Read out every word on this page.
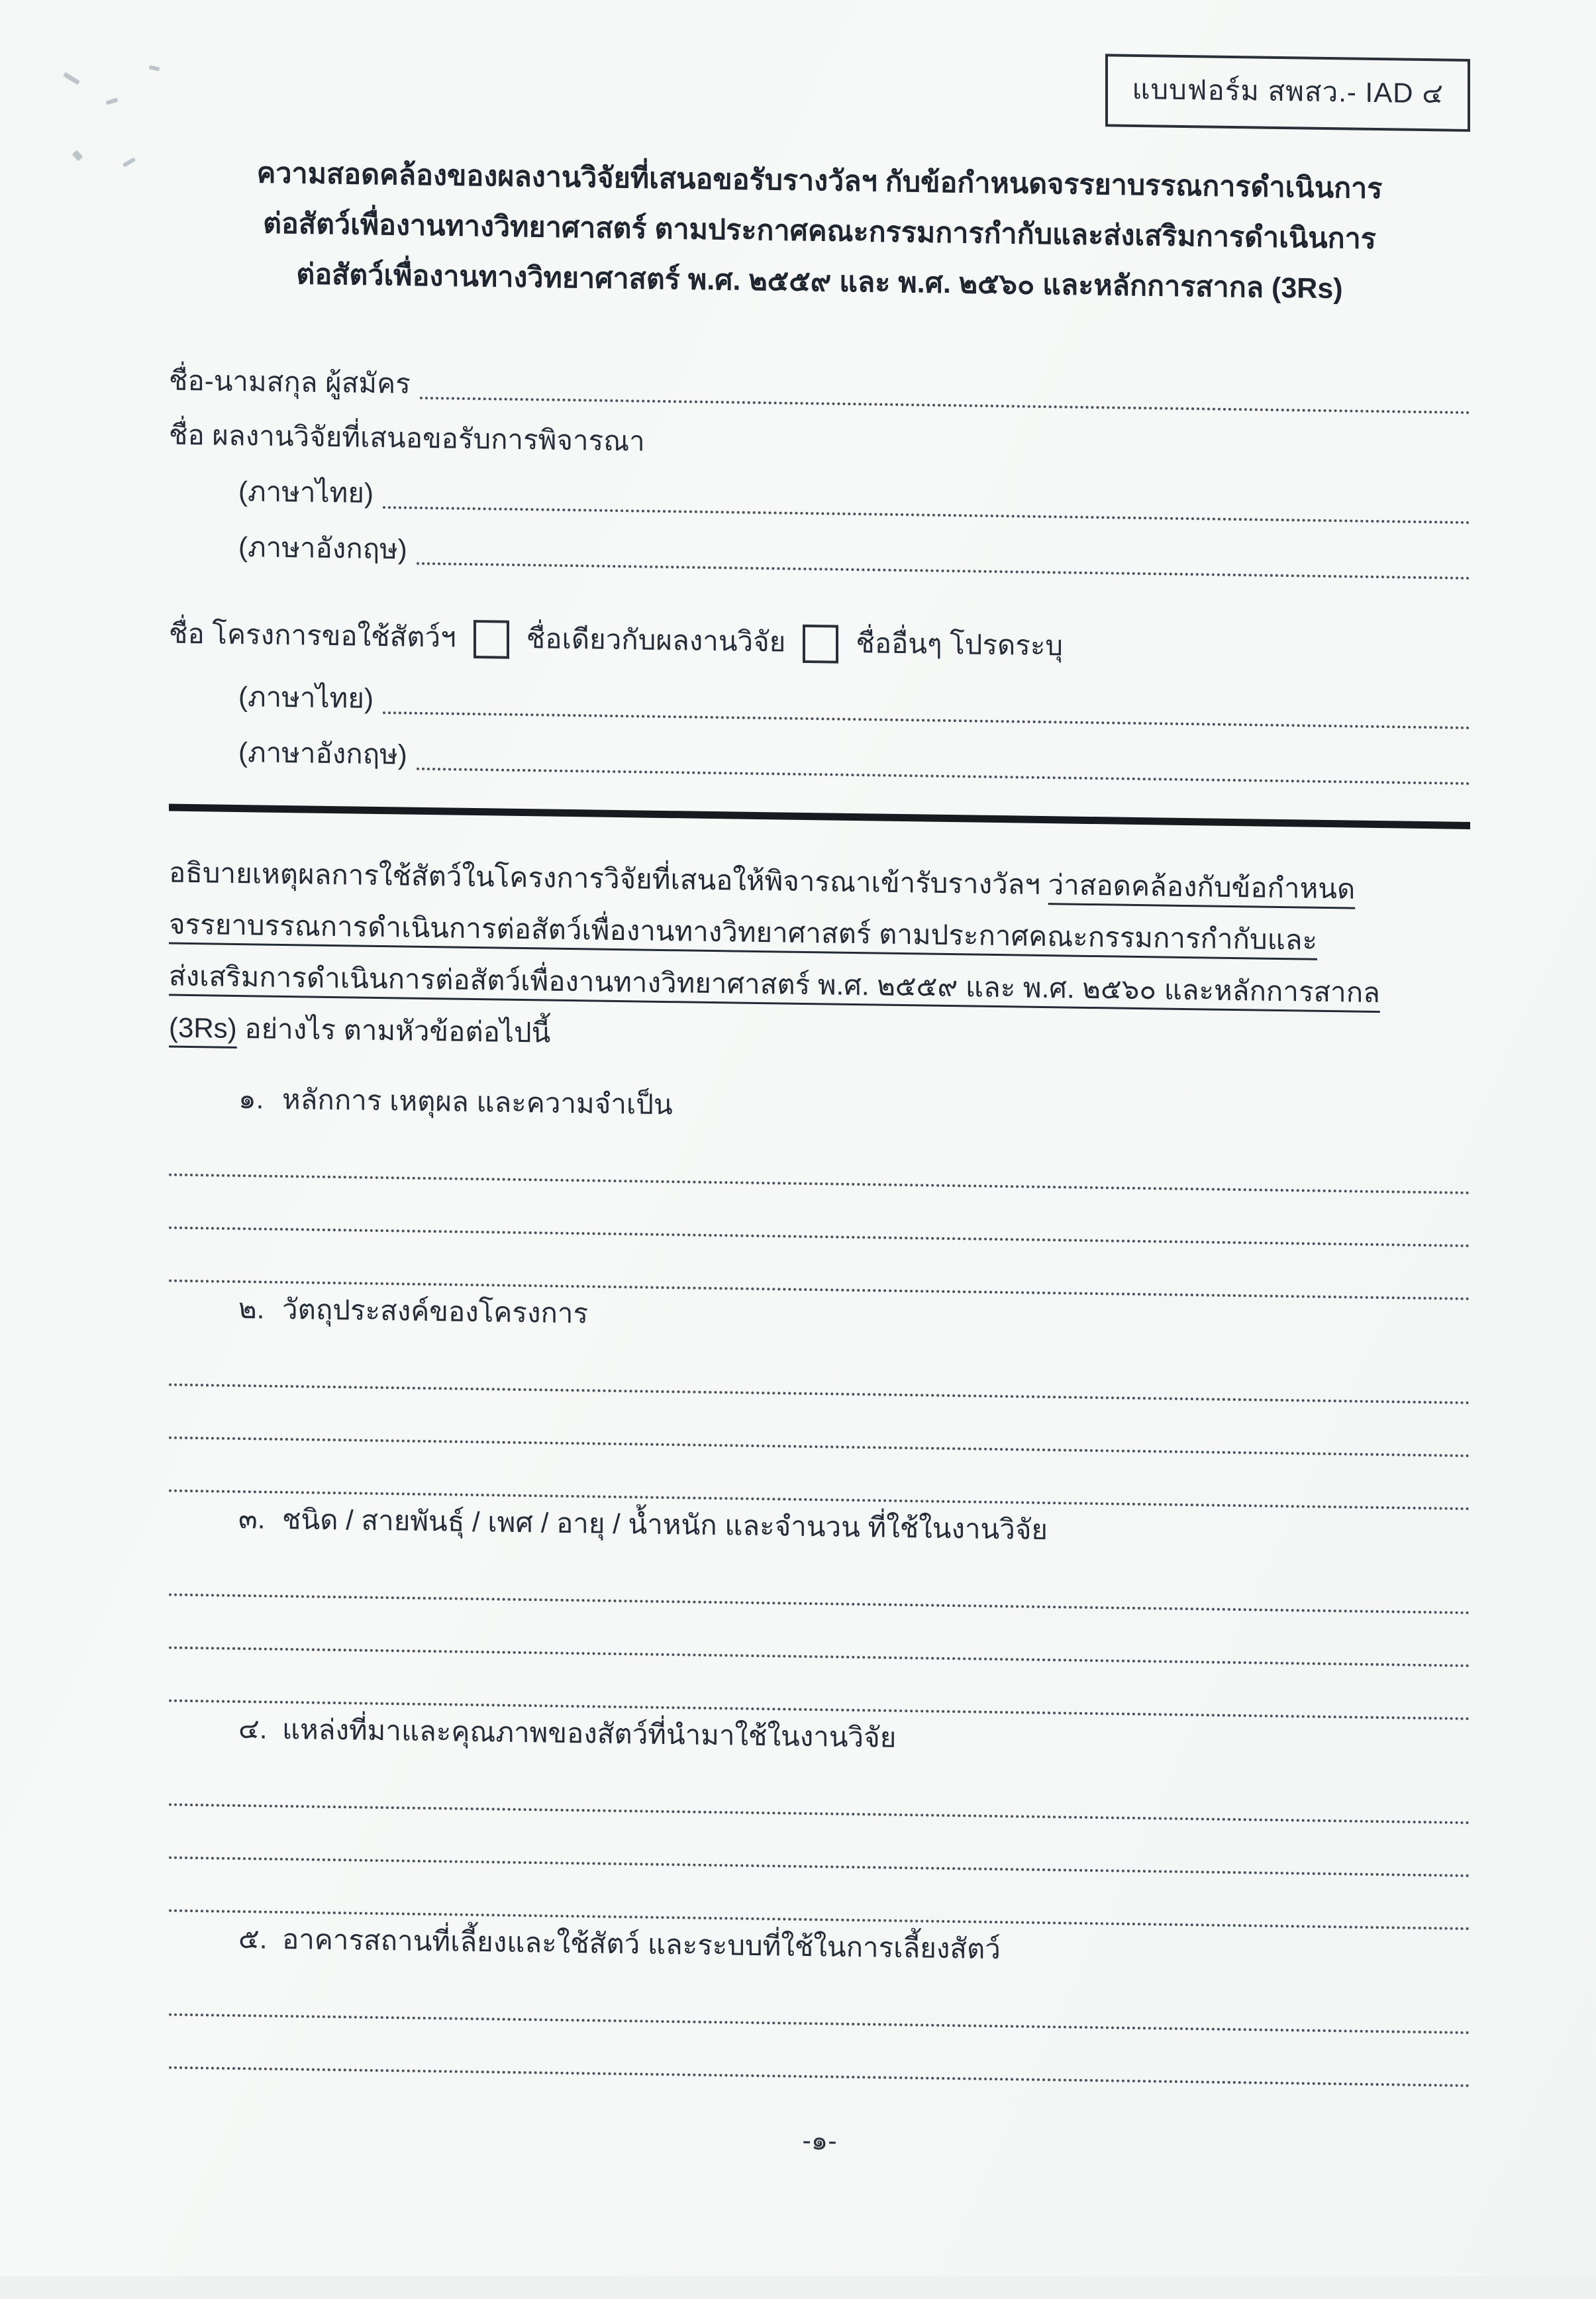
แบบฟอร์ม สพสว.- IAD ๔
ความสอดคล้องของผลงานวิจัยที่เสนอขอรับรางวัลฯ กับข้อกำหนดจรรยาบรรณการดำเนินการ
ต่อสัตว์เพื่องานทางวิทยาศาสตร์ ตามประกาศคณะกรรมการกำกับและส่งเสริมการดำเนินการ
ต่อสัตว์เพื่องานทางวิทยาศาสตร์ พ.ศ. ๒๕๕๙ และ พ.ศ. ๒๕๖๐ และหลักการสากล (3Rs)
ชื่อ-นามสกุล ผู้สมัคร
ชื่อ ผลงานวิจัยที่เสนอขอรับการพิจารณา
(ภาษาไทย)
(ภาษาอังกฤษ)
ชื่อ โครงการขอใช้สัตว์ฯ	ชื่อเดียวกับผลงานวิจัย	ชื่ออื่นๆ โปรดระบุ
(ภาษาไทย)
(ภาษาอังกฤษ)
อธิบายเหตุผลการใช้สัตว์ในโครงการวิจัยที่เสนอให้พิจารณาเข้ารับรางวัลฯ ว่าสอดคล้องกับข้อกำหนด
จรรยาบรรณการดำเนินการต่อสัตว์เพื่องานทางวิทยาศาสตร์ ตามประกาศคณะกรรมการกำกับและ
ส่งเสริมการดำเนินการต่อสัตว์เพื่องานทางวิทยาศาสตร์ พ.ศ. ๒๕๕๙ และ พ.ศ. ๒๕๖๐ และหลักการสากล
(3Rs) อย่างไร ตามหัวข้อต่อไปนี้
๑. หลักการ เหตุผล และความจำเป็น
๒. วัตถุประสงค์ของโครงการ
๓. ชนิด / สายพันธุ์ / เพศ / อายุ / น้ำหนัก และจำนวน ที่ใช้ในงานวิจัย
๔. แหล่งที่มาและคุณภาพของสัตว์ที่นำมาใช้ในงานวิจัย
๕. อาคารสถานที่เลี้ยงและใช้สัตว์ และระบบที่ใช้ในการเลี้ยงสัตว์
-๑-
